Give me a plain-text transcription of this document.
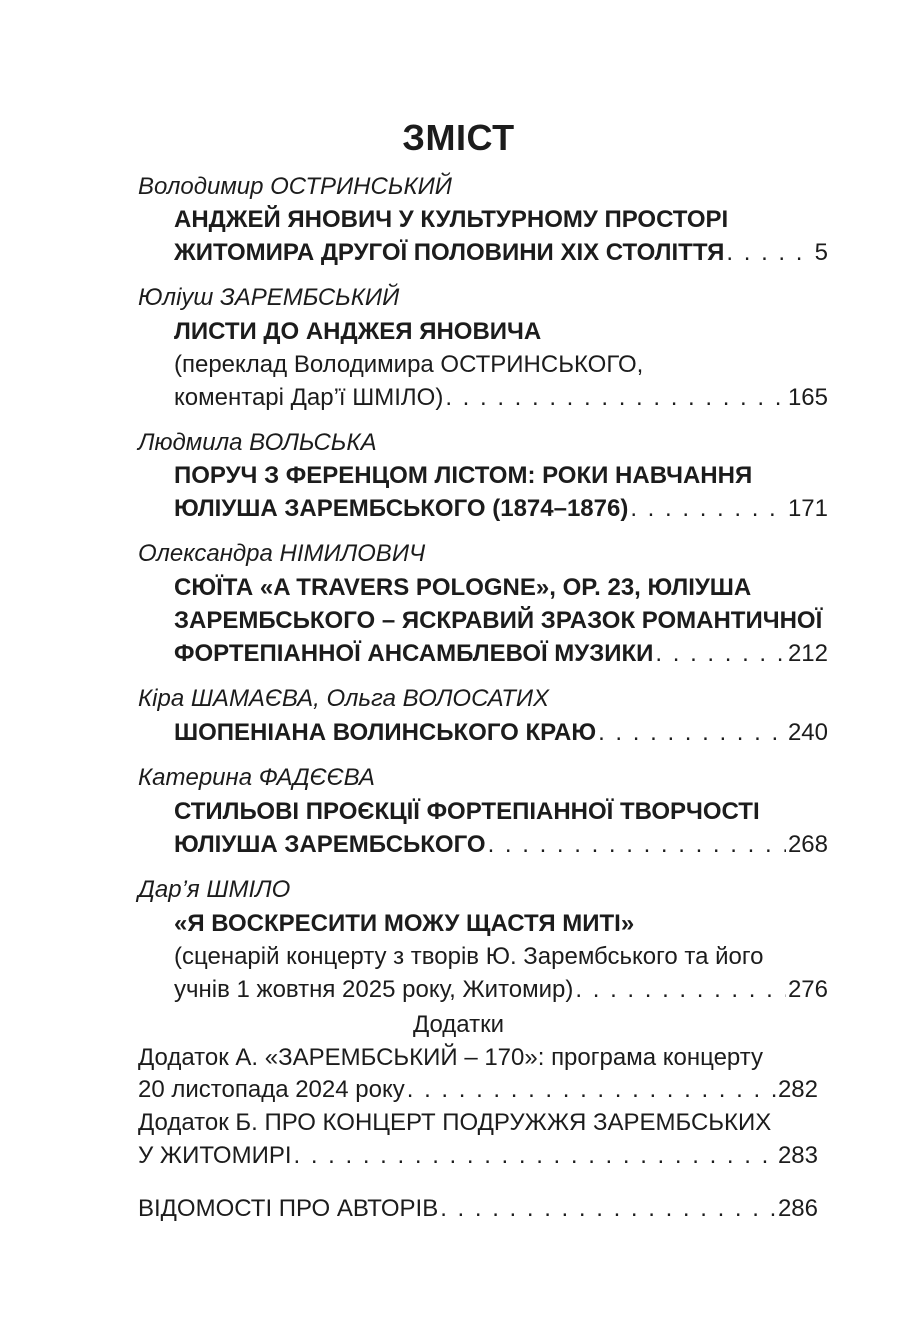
ЗМІСТ
Володимир ОСТРИНСЬКИЙ
АНДЖЕЙ ЯНОВИЧ У КУЛЬТУРНОМУ ПРОСТОРІ
ЖИТОМИРА ДРУГОЇ ПОЛОВИНИ XIX СТОЛІТТЯ . . .	5
Юліуш ЗАРЕМБСЬКИЙ
ЛИСТИ ДО АНДЖЕЯ ЯНОВИЧА
(переклад Володимира ОСТРИНСЬКОГО,
коментарі Дар’ї ШМІЛО) . . .	165
Людмила ВОЛЬСЬКА
ПОРУЧ З ФЕРЕНЦОМ ЛІСТОМ: РОКИ НАВЧАННЯ
ЮЛІУША ЗАРЕМБСЬКОГО (1874–1876) . . .	171
Олександра НІМИЛОВИЧ
СЮЇТА «A TRAVERS POLOGNE», OP. 23, ЮЛІУША
ЗАРЕМБСЬКОГО – ЯСКРАВИЙ ЗРАЗОК РОМАНТИЧНОЇ
ФОРТЕПІАННОЇ АНСАМБЛЕВОЇ МУЗИКИ . . .	212
Кіра ШАМАЄВА, Ольга ВОЛОСАТИХ
ШОПЕНІАНА ВОЛИНСЬКОГО КРАЮ . . .	240
Катерина ФАДЄЄВА
СТИЛЬОВІ ПРОЄКЦІЇ ФОРТЕПІАННОЇ ТВОРЧОСТІ
ЮЛІУША ЗАРЕМБСЬКОГО . . .	268
Дар’я ШМІЛО
«Я ВОСКРЕСИТИ МОЖУ ЩАСТЯ МИТІ»
(сценарій концерту з творів Ю. Зарембського та його
учнів 1 жовтня 2025 року, Житомир) . . .	276
Додатки
Додаток А. «ЗАРЕМБСЬКИЙ – 170»: програма концерту
20 листопада 2024 року . . .	282
Додаток Б. ПРО КОНЦЕРТ ПОДРУЖЖЯ ЗАРЕМБСЬКИХ
У ЖИТОМИРІ . . .	283
ВІДОМОСТІ ПРО АВТОРІВ . . .	286
